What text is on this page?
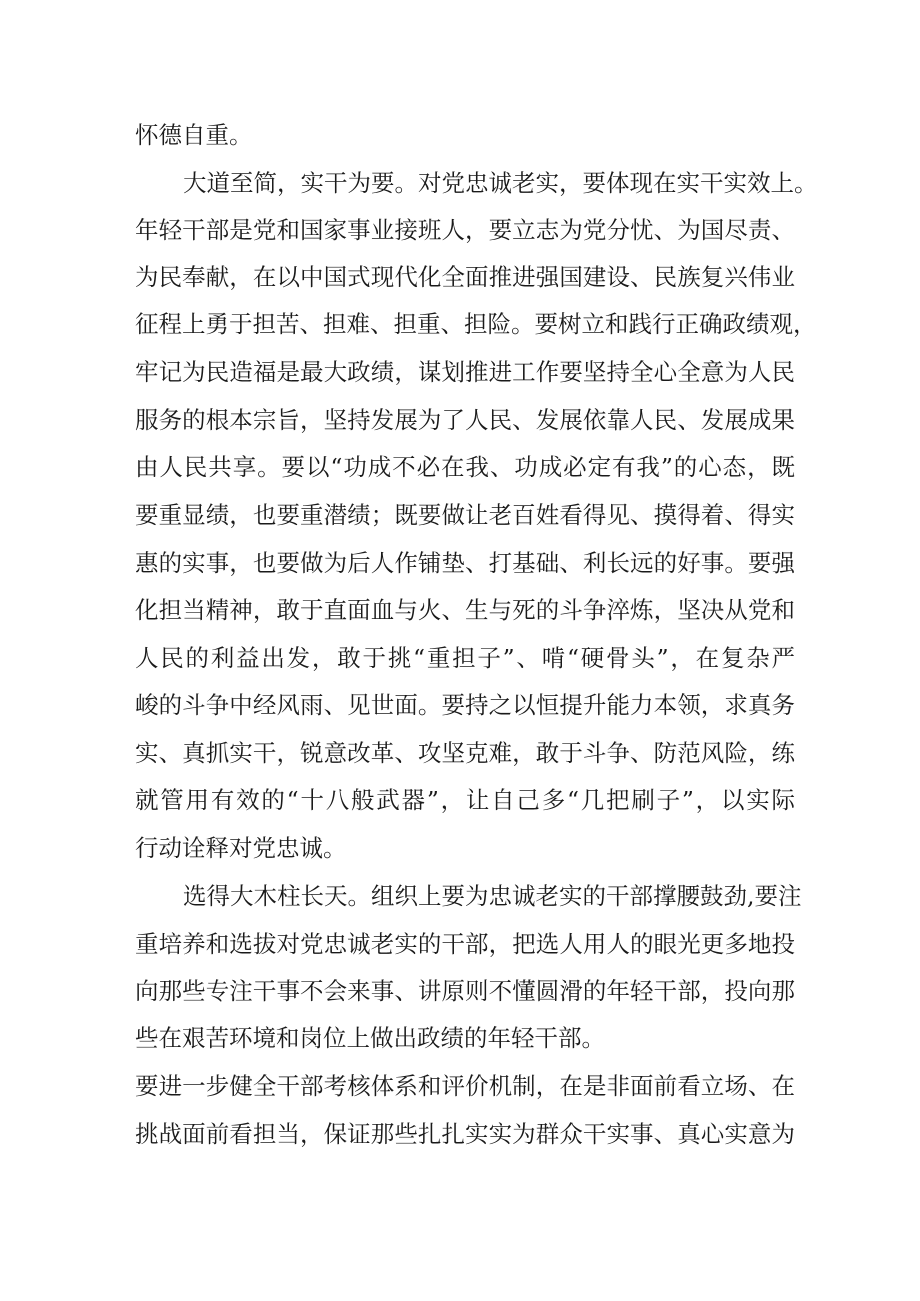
怀德自重。
大道至简，实干为要。对党忠诚老实，要体现在实干实效上。
年轻干部是党和国家事业接班人，要立志为党分忧、为国尽责、
为民奉献，在以中国式现代化全面推进强国建设、民族复兴伟业
征程上勇于担苦、担难、担重、担险。要树立和践行正确政绩观，
牢记为民造福是最大政绩，谋划推进工作要坚持全心全意为人民
服务的根本宗旨，坚持发展为了人民、发展依靠人民、发展成果
由人民共享。要以“功成不必在我、功成必定有我”的心态，既
要重显绩，也要重潜绩；既要做让老百姓看得见、摸得着、得实
惠的实事，也要做为后人作铺垫、打基础、利长远的好事。要强
化担当精神，敢于直面血与火、生与死的斗争淬炼，坚决从党和
人民的利益出发，敢于挑“重担子”、啃“硬骨头”，在复杂严
峻的斗争中经风雨、见世面。要持之以恒提升能力本领，求真务
实、真抓实干，锐意改革、攻坚克难，敢于斗争、防范风险，练
就管用有效的“十八般武器”，让自己多“几把刷子”，以实际
行动诠释对党忠诚。
选得大木柱长天。组织上要为忠诚老实的干部撑腰鼓劲,要注
重培养和选拔对党忠诚老实的干部，把选人用人的眼光更多地投
向那些专注干事不会来事、讲原则不懂圆滑的年轻干部，投向那
些在艰苦环境和岗位上做出政绩的年轻干部。
要进一步健全干部考核体系和评价机制，在是非面前看立场、在
挑战面前看担当，保证那些扎扎实实为群众干实事、真心实意为
